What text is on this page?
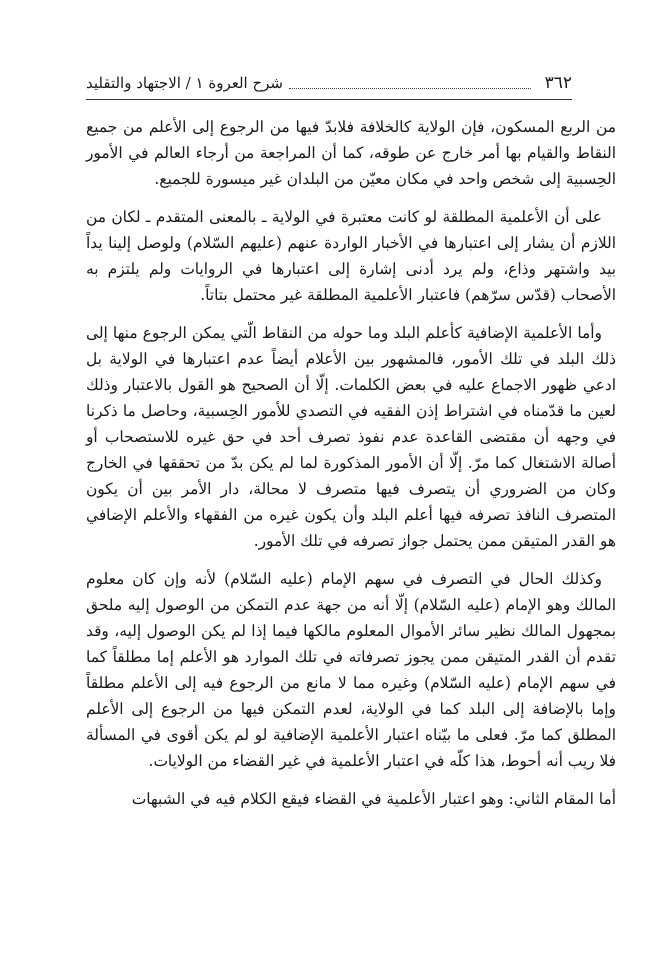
٣٦٢
شرح العروة ١ / الاجتهاد والتقليد

من الربع المسكون، فإن الولاية كالخلافة فلابدّ فيها من الرجوع إلى الأعلم من جميع النقاط والقيام بها أمر خارج عن طوقه، كما أن المراجعة من أرجاء العالم في الأمور الحِسبية إلى شخص واحد في مكان معيّن من البلدان غير ميسورة للجميع.

على أن الأعلمية المطلقة لو كانت معتبرة في الولاية ـ بالمعنى المتقدم ـ لكان من اللازم أن يشار إلى اعتبارها في الأخبار الواردة عنهم (عليهم السّلام) ولوصل إلينا يداً بيد واشتهر وذاع، ولم يرد أدنى إشارة إلى اعتبارها في الروايات ولم يلتزم به الأصحاب (قدّس سرّهم) فاعتبار الأعلمية المطلقة غير محتمل بتاتاً.

وأما الأعلمية الإضافية كأعلم البلد وما حوله من النقاط الّتي يمكن الرجوع منها إلى ذلك البلد في تلك الأمور، فالمشهور بين الأعلام أيضاً عدم اعتبارها في الولاية بل ادعي ظهور الاجماع عليه في بعض الكلمات. إلّا أن الصحيح هو القول بالاعتبار وذلك لعين ما قدّمناه في اشتراط إذن الفقيه في التصدي للأمور الحِسبية، وحاصل ما ذكرنا في وجهه أن مقتضى القاعدة عدم نفوذ تصرف أحد في حق غيره للاستصحاب أو أصالة الاشتغال كما مرّ. إلّا أن الأمور المذكورة لما لم يكن بدّ من تحققها في الخارج وكان من الضروري أن يتصرف فيها متصرف لا محالة، دار الأمر بين أن يكون المتصرف النافذ تصرفه فيها أعلم البلد وأن يكون غيره من الفقهاء والأعلم الإضافي هو القدر المتيقن ممن يحتمل جواز تصرفه في تلك الأمور.

وكذلك الحال في التصرف في سهم الإمام (عليه السّلام) لأنه وإن كان معلوم المالك وهو الإمام (عليه السّلام) إلّا أنه من جهة عدم التمكن من الوصول إليه ملحق بمجهول المالك نظير سائر الأموال المعلوم مالكها فيما إذا لم يكن الوصول إليه، وقد تقدم أن القدر المتيقن ممن يجوز تصرفاته في تلك الموارد هو الأعلم إما مطلقاً كما في سهم الإمام (عليه السّلام) وغيره مما لا مانع من الرجوع فيه إلى الأعلم مطلقاً وإما بالإضافة إلى البلد كما في الولاية، لعدم التمكن فيها من الرجوع إلى الأعلم المطلق كما مرّ. فعلى ما بيّناه اعتبار الأعلمية الإضافية لو لم يكن أقوى في المسألة فلا ريب أنه أحوط، هذا كلّه في اعتبار الأعلمية في غير القضاء من الولايات.

أما المقام الثاني: وهو اعتبار الأعلمية في القضاء فيقع الكلام فيه في الشبهات
